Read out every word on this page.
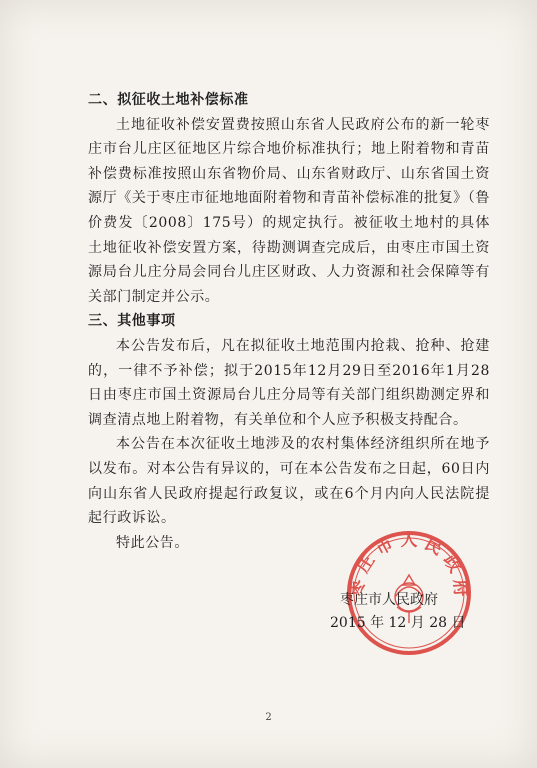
二、拟征收土地补偿标准

土地征收补偿安置费按照山东省人民政府公布的新一轮枣庄市台儿庄区征地区片综合地价标准执行；地上附着物和青苗补偿费标准按照山东省物价局、山东省财政厅、山东省国土资源厅《关于枣庄市征地地面附着物和青苗补偿标准的批复》（鲁价费发〔2008〕175号）的规定执行。被征收土地村的具体土地征收补偿安置方案，待勘测调查完成后，由枣庄市国土资源局台儿庄分局会同台儿庄区财政、人力资源和社会保障等有关部门制定并公示。

三、其他事项

本公告发布后，凡在拟征收土地范围内抢栽、抢种、抢建的，一律不予补偿；拟于2015年12月29日至2016年1月28日由枣庄市国土资源局台儿庄分局等有关部门组织勘测定界和调查清点地上附着物，有关单位和个人应予积极支持配合。

本公告在本次征收土地涉及的农村集体经济组织所在地予以发布。对本公告有异议的，可在本公告发布之日起，60日内向山东省人民政府提起行政复议，或在6个月内向人民法院提起行政诉讼。

特此公告。

枣 庄 市 人 民 政 府
枣庄市人民政府
2015 年 12 月 28 日
2
